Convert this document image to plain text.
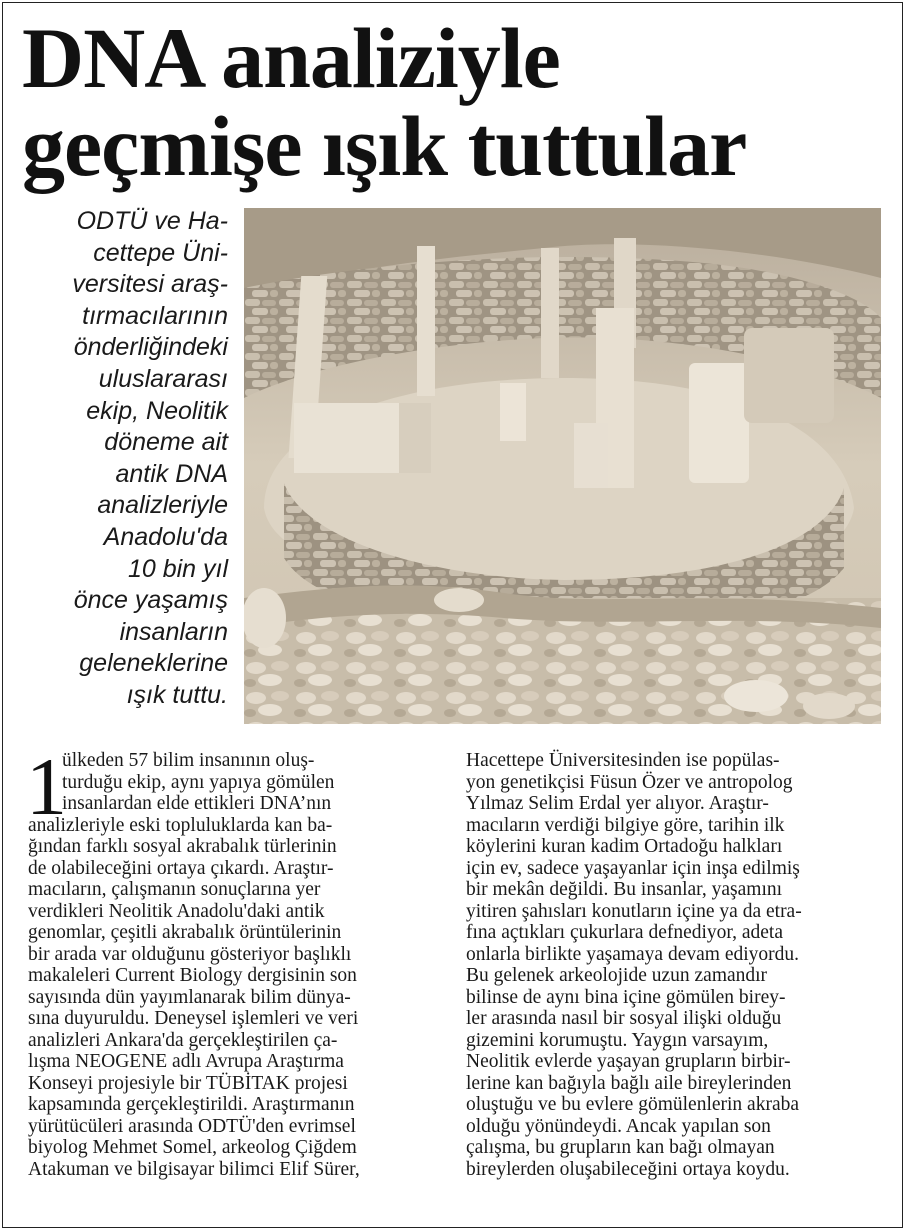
DNA analiziyle
geçmişe ışık tuttular

ODTÜ ve Ha-
cettepe Üni-
versitesi araş-
tırmacılarının
önderliğindeki
uluslararası
ekip, Neolitik
döneme ait
antik DNA
analizleriyle
Anadolu'da
10 bin yıl
önce yaşamış
insanların
geleneklerine
ışık tuttu.

1
ülkeden 57 bilim insanının oluş-
turduğu ekip, aynı yapıya gömülen
insanlardan elde ettikleri DNA’nın
analizleriyle eski topluluklarda kan ba-
ğından farklı sosyal akrabalık türlerinin
de olabileceğini ortaya çıkardı. Araştır-
macıların, çalışmanın sonuçlarına yer
verdikleri Neolitik Anadolu'daki antik
genomlar, çeşitli akrabalık örüntülerinin
bir arada var olduğunu gösteriyor başlıklı
makaleleri Current Biology dergisinin son
sayısında dün yayımlanarak bilim dünya-
sına duyuruldu. Deneysel işlemleri ve veri
analizleri Ankara'da gerçekleştirilen ça-
lışma NEOGENE adlı Avrupa Araştırma
Konseyi projesiyle bir TÜBİTAK projesi
kapsamında gerçekleştirildi. Araştırmanın
yürütücüleri arasında ODTÜ'den evrimsel
biyolog Mehmet Somel, arkeolog Çiğdem
Atakuman ve bilgisayar bilimci Elif Sürer,
Hacettepe Üniversitesinden ise popülas-
yon genetikçisi Füsun Özer ve antropolog
Yılmaz Selim Erdal yer alıyor. Araştır-
macıların verdiği bilgiye göre, tarihin ilk
köylerini kuran kadim Ortadoğu halkları
için ev, sadece yaşayanlar için inşa edilmiş
bir mekân değildi. Bu insanlar, yaşamını
yitiren şahısları konutların içine ya da etra-
fına açtıkları çukurlara defnediyor, adeta
onlarla birlikte yaşamaya devam ediyordu.
Bu gelenek arkeolojide uzun zamandır
bilinse de aynı bina içine gömülen birey-
ler arasında nasıl bir sosyal ilişki olduğu
gizemini korumuştu. Yaygın varsayım,
Neolitik evlerde yaşayan grupların birbir-
lerine kan bağıyla bağlı aile bireylerinden
oluştuğu ve bu evlere gömülenlerin akraba
olduğu yönündeydi. Ancak yapılan son
çalışma, bu grupların kan bağı olmayan
bireylerden oluşabileceğini ortaya koydu.
